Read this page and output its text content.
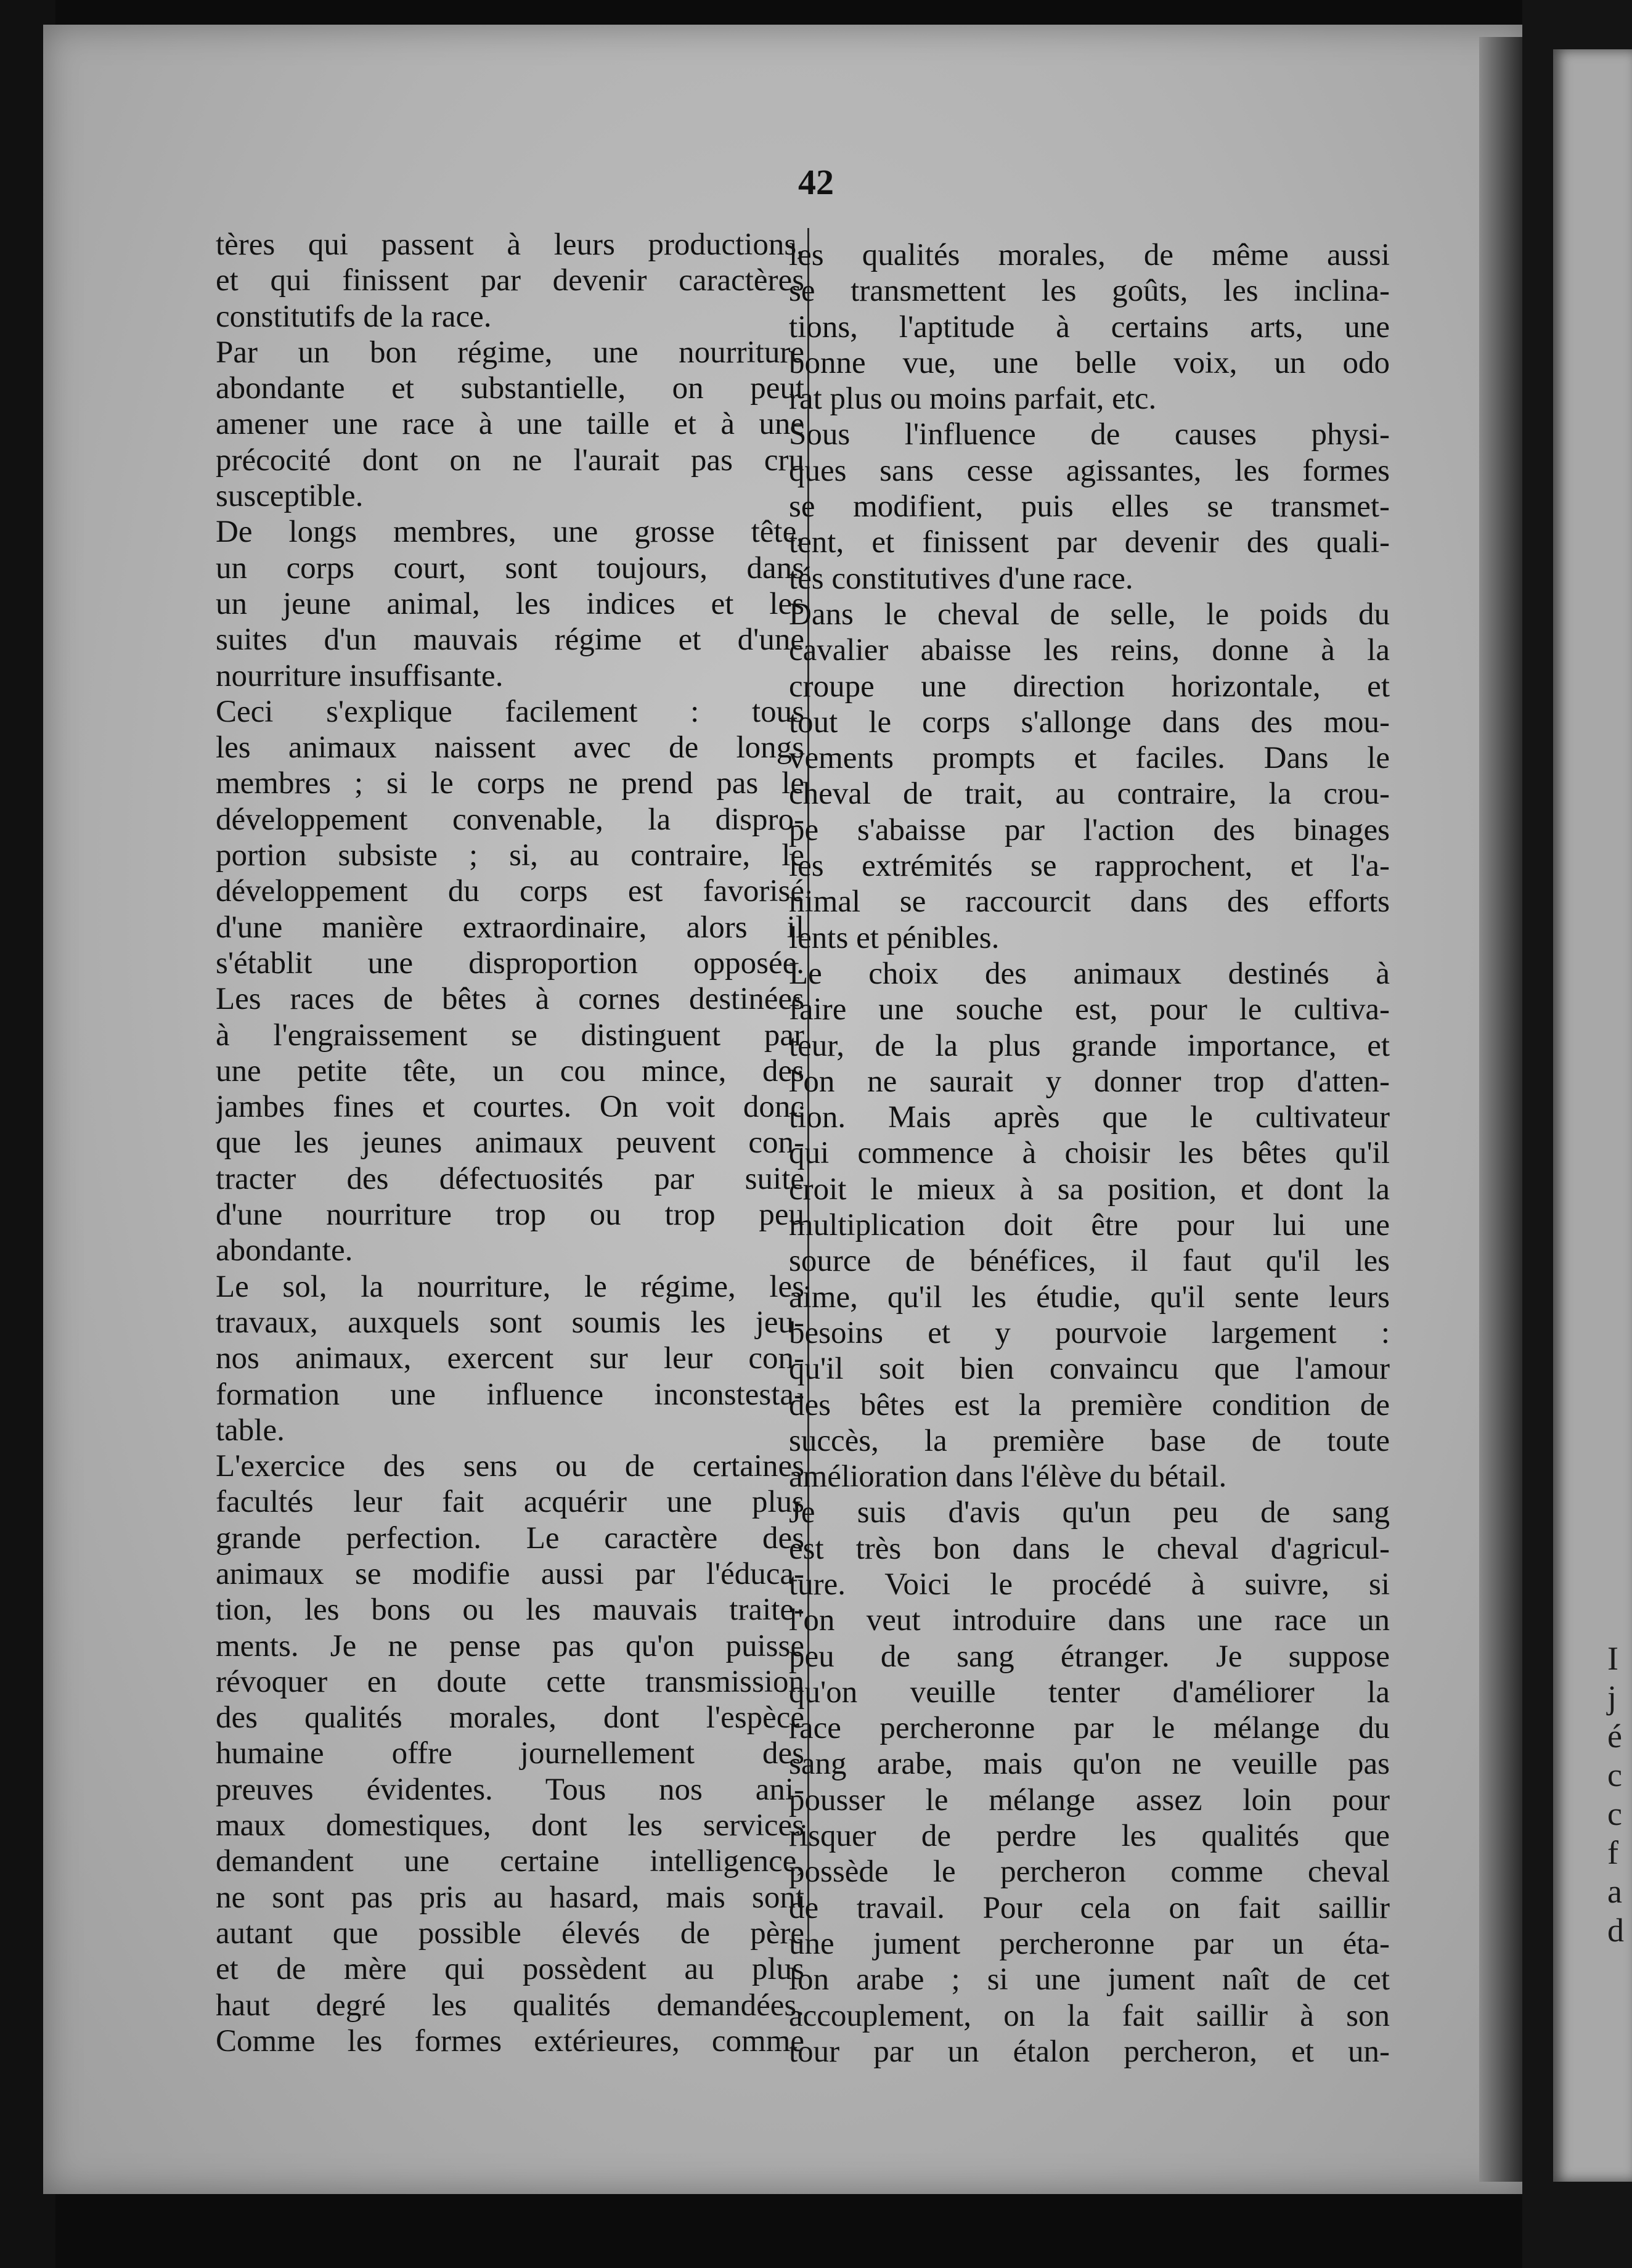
I
j
é
c
c
f
a
d
42
tères qui passent à leurs productions,
et qui finissent par devenir caractères
constitutifs de la race.
Par un bon régime, une nourriture
abondante et substantielle, on peut
amener une race à une taille et à une
précocité dont on ne l'aurait pas cru
susceptible.
De longs membres, une grosse tête,
un corps court, sont toujours, dans
un jeune animal, les indices et les
suites d'un mauvais régime et d'une
nourriture insuffisante.
Ceci s'explique facilement : tous
les animaux naissent avec de longs
membres ; si le corps ne prend pas le
développement convenable, la dispro-
portion subsiste ; si, au contraire, le
développement du corps est favorisé
d'une manière extraordinaire, alors il
s'établit une disproportion opposée.
Les races de bêtes à cornes destinées
à l'engraissement se distinguent par
une petite tête, un cou mince, des
jambes fines et courtes. On voit donc
que les jeunes animaux peuvent con-
tracter des défectuosités par suite
d'une nourriture trop ou trop peu
abondante.
Le sol, la nourriture, le régime, les
travaux, auxquels sont soumis les jeu-
nos animaux, exercent sur leur con-
formation une influence inconstesta-
table.
L'exercice des sens ou de certaines
facultés leur fait acquérir une plus
grande perfection. Le caractère des
animaux se modifie aussi par l'éduca-
tion, les bons ou les mauvais traite-
ments. Je ne pense pas qu'on puisse
révoquer en doute cette transmission
des qualités morales, dont l'espèce
humaine offre journellement des
preuves évidentes. Tous nos ani-
maux domestiques, dont les services
demandent une certaine intelligence,
ne sont pas pris au hasard, mais sont
autant que possible élevés de père
et de mère qui possèdent au plus
haut degré les qualités demandées.
Comme les formes extérieures, comme
les qualités morales, de même aussi
se transmettent les goûts, les inclina-
tions, l'aptitude à certains arts, une
bonne vue, une belle voix, un odo
rat plus ou moins parfait, etc.
Sous l'influence de causes physi-
ques sans cesse agissantes, les formes
se modifient, puis elles se transmet-
tent, et finissent par devenir des quali-
tés constitutives d'une race.
Dans le cheval de selle, le poids du
cavalier abaisse les reins, donne à la
croupe une direction horizontale, et
tout le corps s'allonge dans des mou-
vements prompts et faciles. Dans le
cheval de trait, au contraire, la crou-
pe s'abaisse par l'action des binages
les extrémités se rapprochent, et l'a-
nimal se raccourcit dans des efforts
lents et pénibles.
Le choix des animaux destinés à
faire une souche est, pour le cultiva-
teur, de la plus grande importance, et
l'on ne saurait y donner trop d'atten-
tion. Mais après que le cultivateur
qui commence à choisir les bêtes qu'il
croit le mieux à sa position, et dont la
multiplication doit être pour lui une
source de bénéfices, il faut qu'il les
aime, qu'il les étudie, qu'il sente leurs
besoins et y pourvoie largement :
qu'il soit bien convaincu que l'amour
des bêtes est la première condition de
succès, la première base de toute
amélioration dans l'élève du bétail.
Je suis d'avis qu'un peu de sang
est très bon dans le cheval d'agricul-
ture. Voici le procédé à suivre, si
l'on veut introduire dans une race un
peu de sang étranger. Je suppose
qu'on veuille tenter d'améliorer la
race percheronne par le mélange du
sang arabe, mais qu'on ne veuille pas
pousser le mélange assez loin pour
risquer de perdre les qualités que
possède le percheron comme cheval
de travail. Pour cela on fait saillir
une jument percheronne par un éta-
lon arabe ; si une jument naît de cet
accouplement, on la fait saillir à son
tour par un étalon percheron, et un-
